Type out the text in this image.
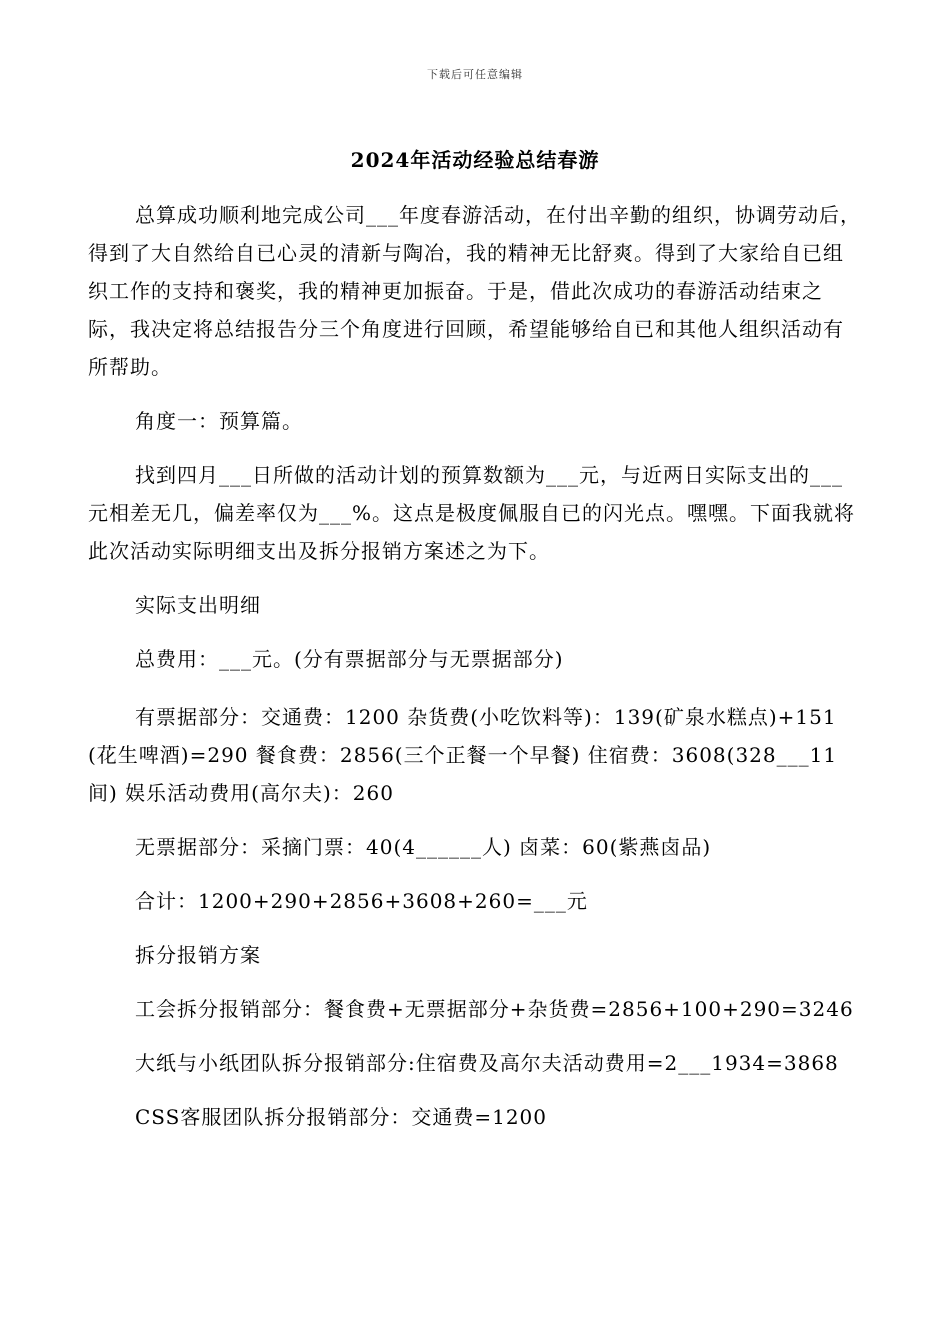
下载后可任意编辑
2024年活动经验总结春游

总算成功顺利地完成公司___年度春游活动，在付出辛勤的组织，协调劳动后，得到了大自然给自已心灵的清新与陶冶，我的精神无比舒爽。得到了大家给自已组织工作的支持和褒奖，我的精神更加振奋。于是，借此次成功的春游活动结束之际，我决定将总结报告分三个角度进行回顾，希望能够给自已和其他人组织活动有所帮助。

角度一：预算篇。

找到四月___日所做的活动计划的预算数额为___元，与近两日实际支出的___元相差无几，偏差率仅为___%。这点是极度佩服自已的闪光点。嘿嘿。下面我就将此次活动实际明细支出及拆分报销方案述之为下。

实际支出明细

总费用：___元。(分有票据部分与无票据部分)

有票据部分：交通费：1200 杂货费(小吃饮料等)：139(矿泉水糕点)+151(花生啤酒)=290 餐食费：2856(三个正餐一个早餐) 住宿费：3608(328___11间) 娱乐活动费用(高尔夫)：260

无票据部分：采摘门票：40(4______人) 卤菜：60(紫燕卤品)

合计：1200+290+2856+3608+260=___元

拆分报销方案

工会拆分报销部分：餐食费+无票据部分+杂货费=2856+100+290=3246

大纸与小纸团队拆分报销部分:住宿费及高尔夫活动费用=2___1934=3868

CSS客服团队拆分报销部分：交通费=1200
